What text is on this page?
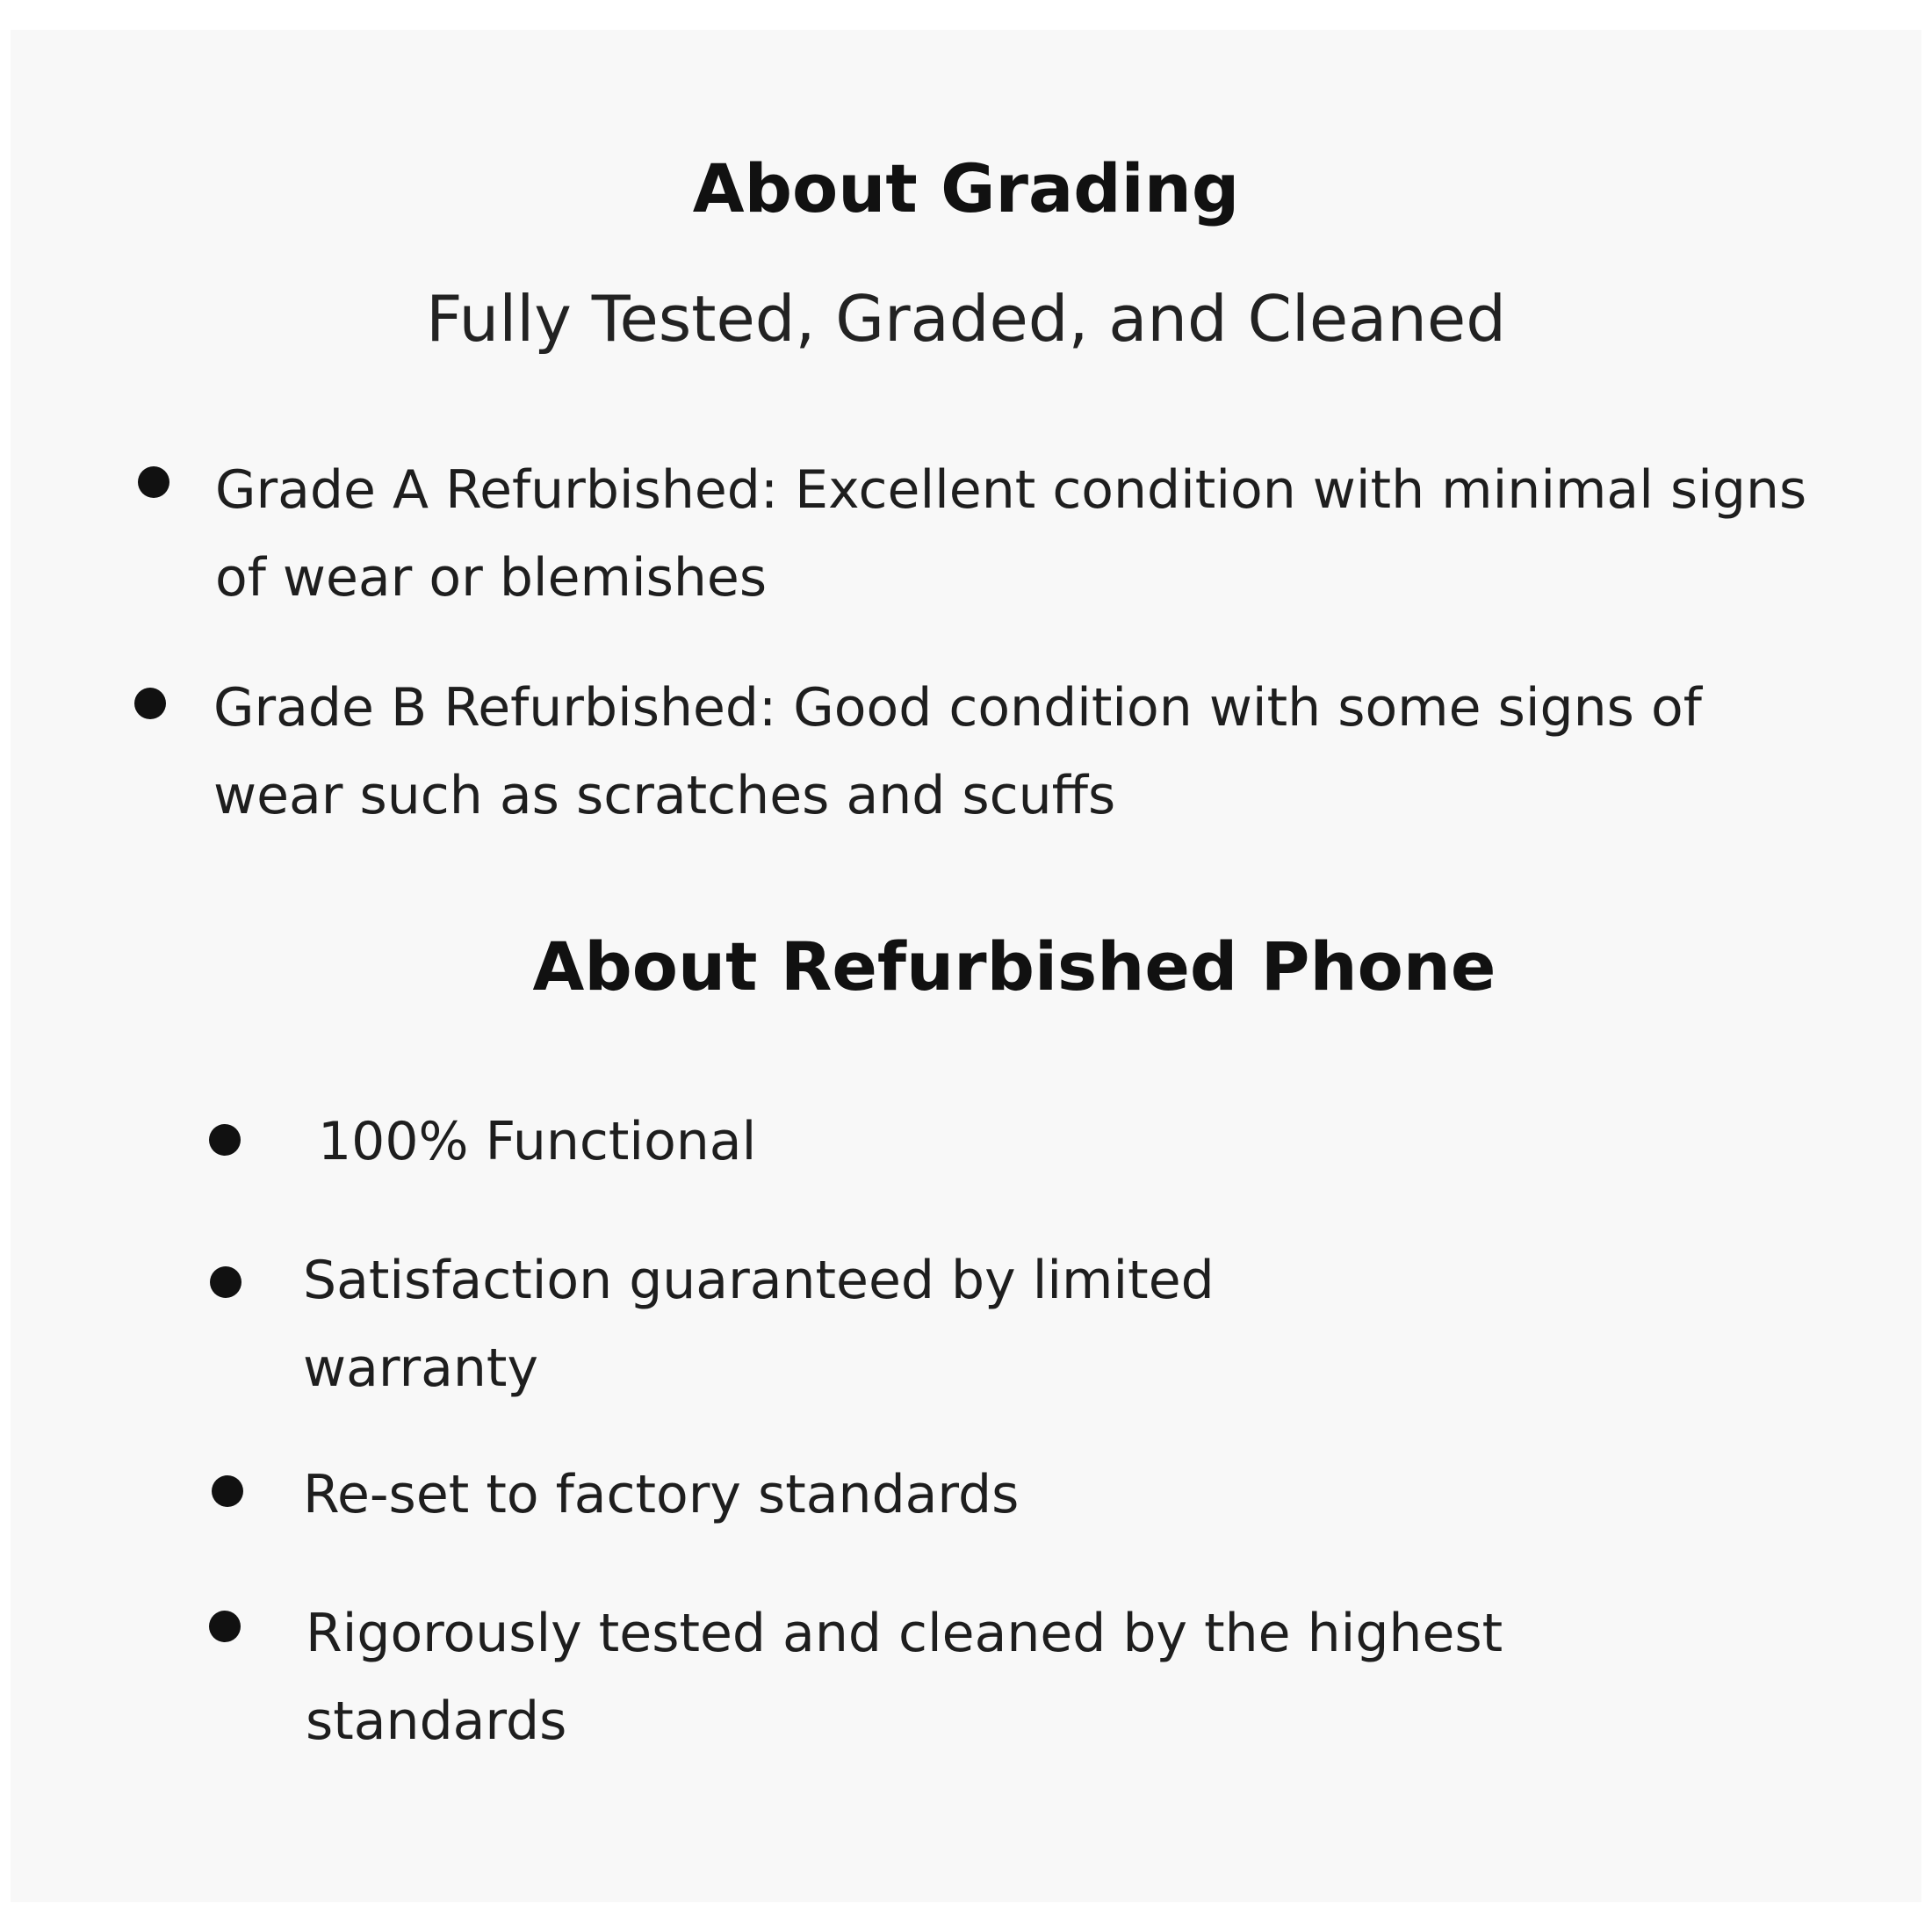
About Grading
Fully Tested, Graded, and Cleaned
Grade A Refurbished: Excellent condition with minimal signs of wear or blemishes
Grade B Refurbished: Good condition with some signs of wear such as scratches and scuffs
About Refurbished Phone
100% Functional
Satisfaction guaranteed by limited warranty
Re-set to factory standards
Rigorously tested and cleaned by the highest standards
